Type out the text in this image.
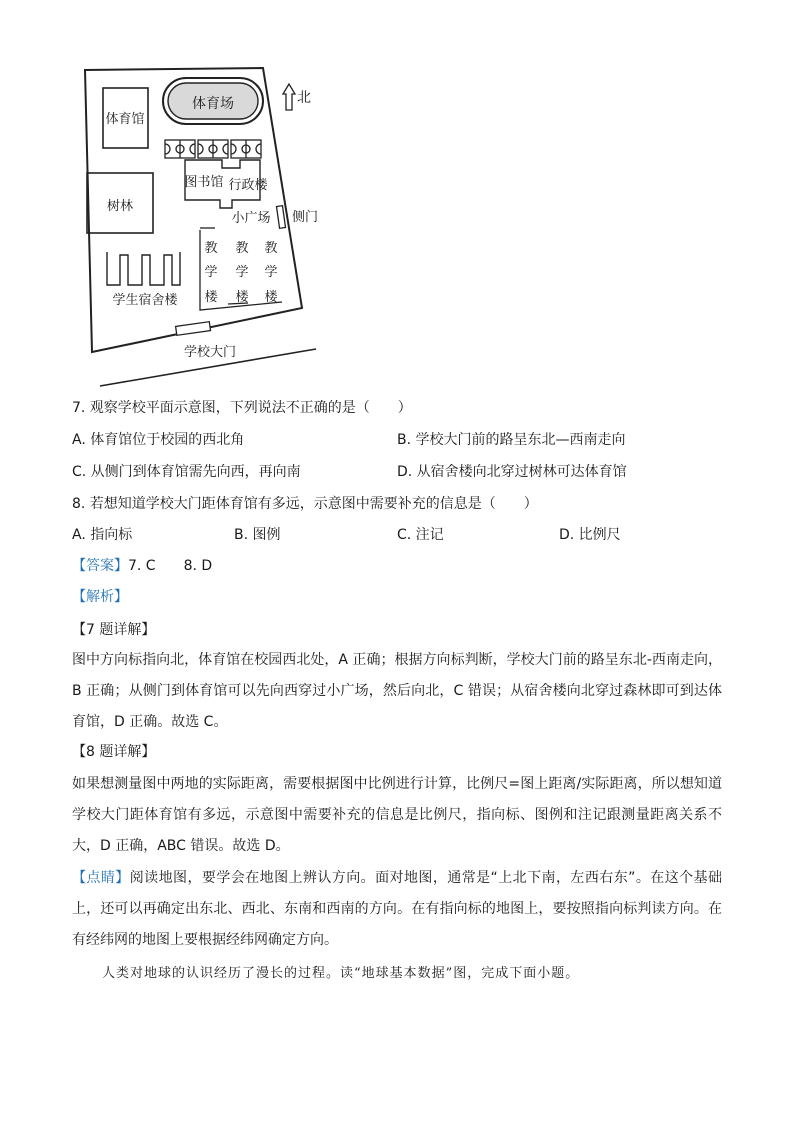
北
体育场
体育馆
图书馆 行政楼
树林
小广场 侧门
教
学
楼
教
学
楼
教
学
楼
学生宿舍楼
学校大门
7. 观察学校平面示意图，下列说法不正确的是（　　）
A. 体育馆位于校园的西北角	B. 学校大门前的路呈东北—西南走向
C. 从侧门到体育馆需先向西，再向南	D. 从宿舍楼向北穿过树林可达体育馆
8. 若想知道学校大门距体育馆有多远，示意图中需要补充的信息是（　　）
A. 指向标	B. 图例	C. 注记	D. 比例尺
【答案】7. C　　8. D
【解析】
【7 题详解】
图中方向标指向北，体育馆在校园西北处，A 正确；根据方向标判断，学校大门前的路呈东北-西南走向，B 正确；从侧门到体育馆可以先向西穿过小广场，然后向北，C 错误；从宿舍楼向北穿过森林即可到达体育馆，D 正确。故选 C。
【8 题详解】
如果想测量图中两地的实际距离，需要根据图中比例进行计算，比例尺=图上距离/实际距离，所以想知道学校大门距体育馆有多远，示意图中需要补充的信息是比例尺，指向标、图例和注记跟测量距离关系不大，D 正确，ABC 错误。故选 D。
【点睛】阅读地图，要学会在地图上辨认方向。面对地图，通常是“上北下南，左西右东”。在这个基础上，还可以再确定出东北、西北、东南和西南的方向。在有指向标的地图上，要按照指向标判读方向。在有经纬网的地图上要根据经纬网确定方向。
人类对地球的认识经历了漫长的过程。读“地球基本数据”图，完成下面小题。
